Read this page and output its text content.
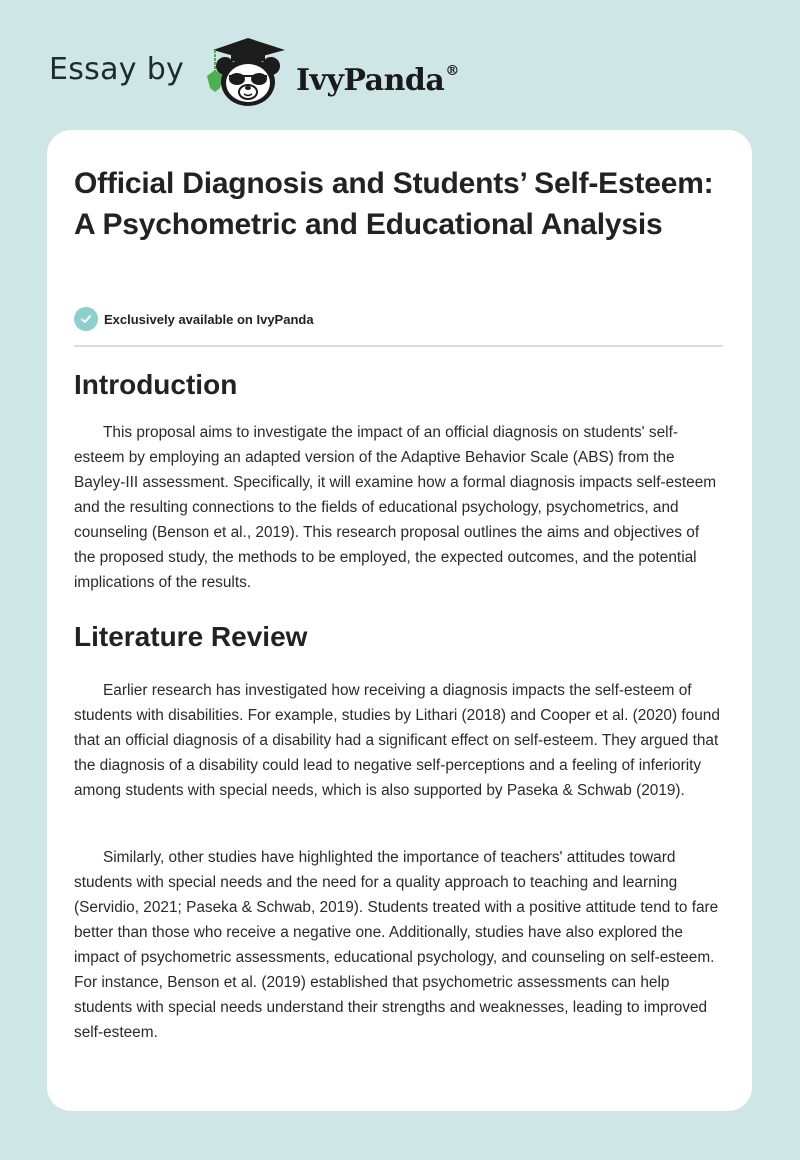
Essay by	IvyPanda®
Official Diagnosis and Students’ Self-Esteem: A Psychometric and Educational Analysis
Exclusively available on IvyPanda
Introduction

This proposal aims to investigate the impact of an official diagnosis on students' self-esteem by employing an adapted version of the Adaptive Behavior Scale (ABS) from the Bayley-III assessment. Specifically, it will examine how a formal diagnosis impacts self-esteem and the resulting connections to the fields of educational psychology, psychometrics, and counseling (Benson et al., 2019). This research proposal outlines the aims and objectives of the proposed study, the methods to be employed, the expected outcomes, and the potential implications of the results.

Literature Review

Earlier research has investigated how receiving a diagnosis impacts the self-esteem of students with disabilities. For example, studies by Lithari (2018) and Cooper et al. (2020) found that an official diagnosis of a disability had a significant effect on self-esteem. They argued that the diagnosis of a disability could lead to negative self-perceptions and a feeling of inferiority among students with special needs, which is also supported by Paseka & Schwab (2019).

Similarly, other studies have highlighted the importance of teachers' attitudes toward students with special needs and the need for a quality approach to teaching and learning (Servidio, 2021; Paseka & Schwab, 2019). Students treated with a positive attitude tend to fare better than those who receive a negative one. Additionally, studies have also explored the impact of psychometric assessments, educational psychology, and counseling on self-esteem. For instance, Benson et al. (2019) established that psychometric assessments can help students with special needs understand their strengths and weaknesses, leading to improved self-esteem.
